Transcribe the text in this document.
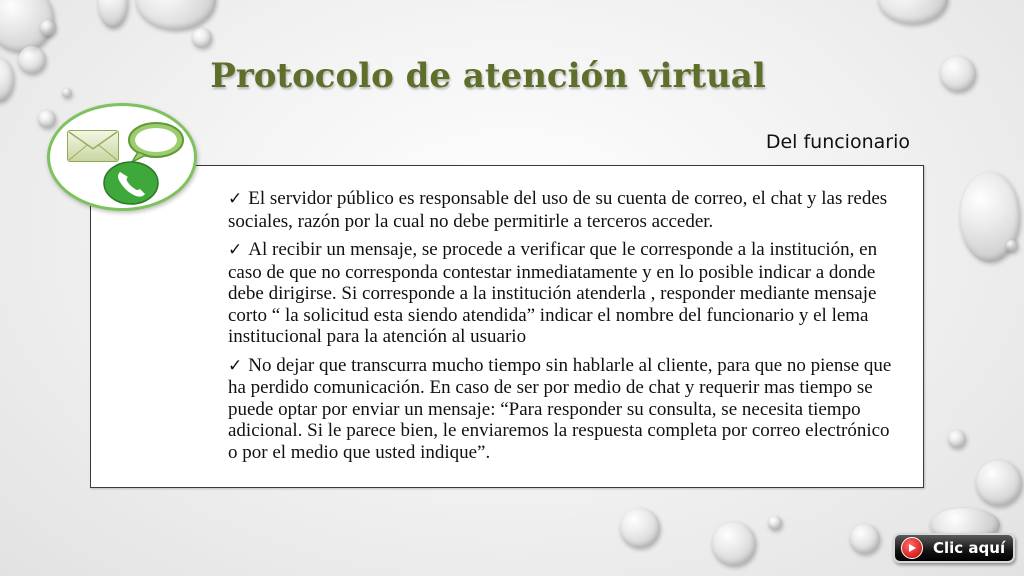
Protocolo de atención virtual
Del funcionario

✓ El servidor público es responsable del uso de su cuenta de correo, el chat y las redes sociales, razón por la cual no debe permitirle a terceros acceder.

✓ Al recibir un mensaje, se procede a verificar que le corresponde a la institución, en caso de que no corresponda contestar inmediatamente y en lo posible indicar a donde debe dirigirse. Si corresponde a la institución atenderla , responder mediante mensaje corto “ la solicitud esta siendo atendida” indicar el nombre del funcionario y el lema institucional para la atención al usuario

✓ No dejar que transcurra mucho tiempo sin hablarle al cliente, para que no piense que ha perdido comunicación. En caso de ser por medio de chat y requerir mas tiempo se puede optar por enviar un mensaje: “Para responder su consulta, se necesita tiempo adicional. Si le parece bien, le enviaremos la respuesta completa por correo electrónico o por el medio que usted indique”.

Clic aquí
